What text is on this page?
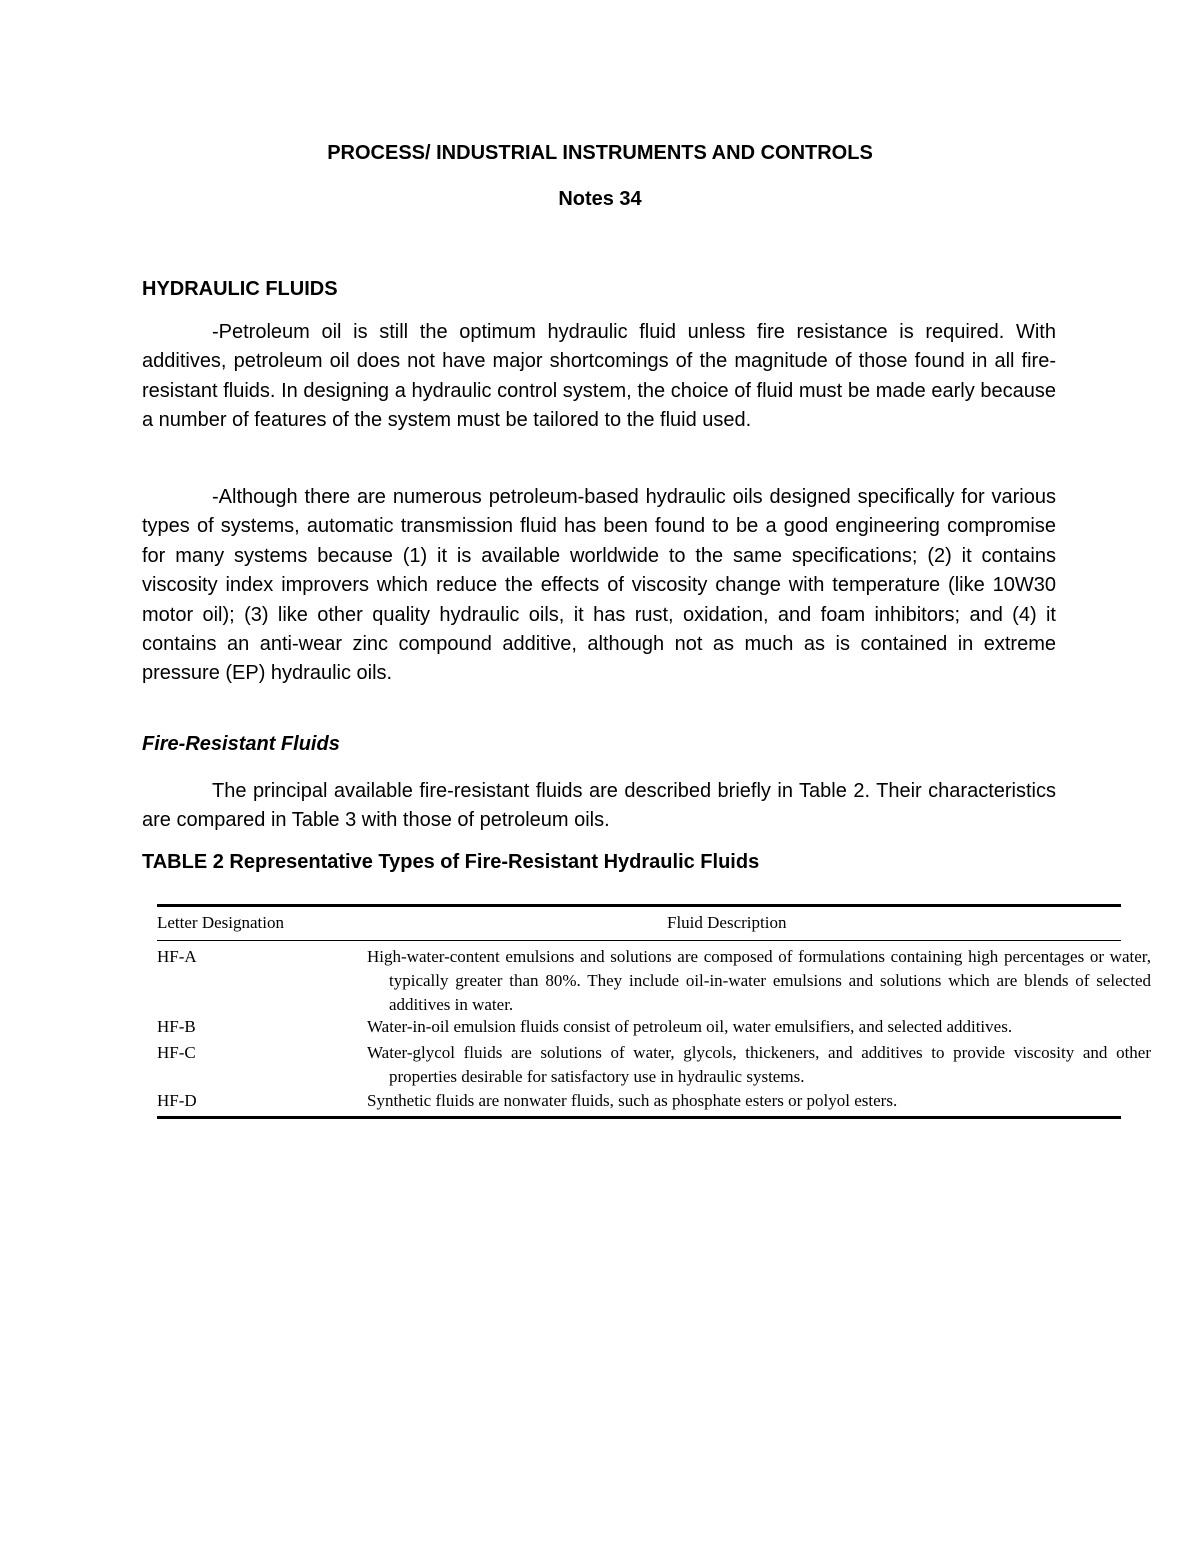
PROCESS/ INDUSTRIAL INSTRUMENTS AND CONTROLS
Notes 34
HYDRAULIC FLUIDS

-Petroleum oil is still the optimum hydraulic fluid unless fire resistance is required. With additives, petroleum oil does not have major shortcomings of the magnitude of those found in all fire-resistant fluids. In designing a hydraulic control system, the choice of fluid must be made early because a number of features of the system must be tailored to the fluid used.

-Although there are numerous petroleum-based hydraulic oils designed specifically for various types of systems, automatic transmission fluid has been found to be a good engineering compromise for many systems because (1) it is available worldwide to the same specifications; (2) it contains viscosity index improvers which reduce the effects of viscosity change with temperature (like 10W30 motor oil); (3) like other quality hydraulic oils, it has rust, oxidation, and foam inhibitors; and (4) it contains an anti-wear zinc compound additive, although not as much as is contained in extreme pressure (EP) hydraulic oils.

Fire-Resistant Fluids

The principal available fire-resistant fluids are described briefly in Table 2. Their characteristics are compared in Table 3 with those of petroleum oils.

TABLE 2 Representative Types of Fire-Resistant Hydraulic Fluids
Letter Designation	Fluid Description
HF-A	High-water-content emulsions and solutions are composed of formulations containing high percentages or water, typically greater than 80%. They include oil-in-water emulsions and solutions which are blends of selected additives in water.
HF-B	Water-in-oil emulsion fluids consist of petroleum oil, water emulsifiers, and selected additives.
HF-C	Water-glycol fluids are solutions of water, glycols, thickeners, and additives to provide viscosity and other properties desirable for satisfactory use in hydraulic systems.
HF-D	Synthetic fluids are nonwater fluids, such as phosphate esters or polyol esters.
